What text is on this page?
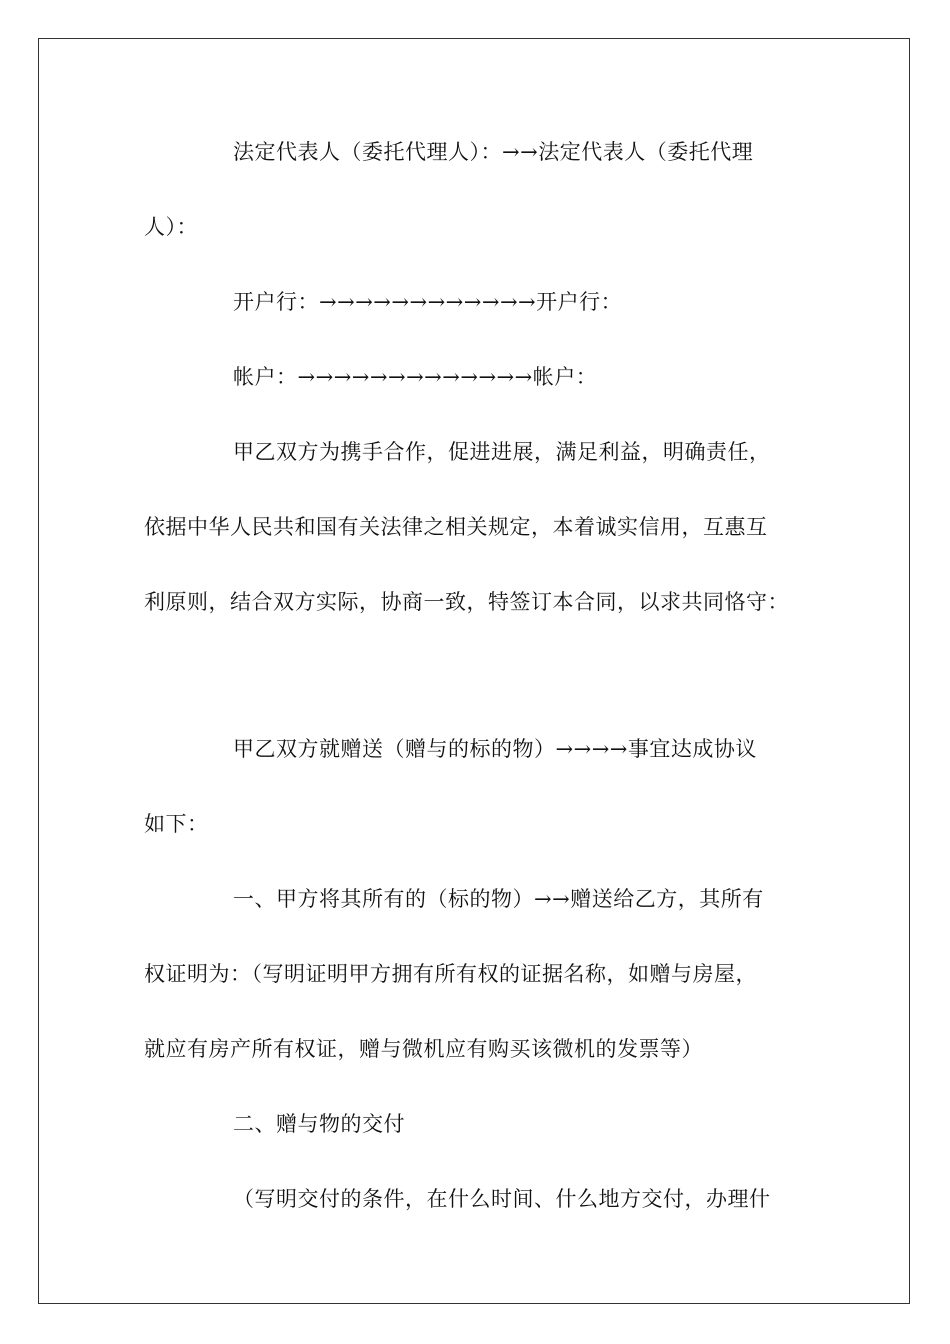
法定代表人（委托代理人）：→→法定代表人（委托代理
人）：
开户行：→→→→→→→→→→→→开户行：
帐户：→→→→→→→→→→→→→帐户：
甲乙双方为携手合作，促进进展，满足利益，明确责任，
依据中华人民共和国有关法律之相关规定，本着诚实信用，互惠互
利原则，结合双方实际，协商一致，特签订本合同，以求共同恪守：
甲乙双方就赠送（赠与的标的物）→→→→事宜达成协议
如下：
一、甲方将其所有的（标的物）→→赠送给乙方，其所有
权证明为：（写明证明甲方拥有所有权的证据名称，如赠与房屋，
就应有房产所有权证，赠与微机应有购买该微机的发票等）
二、赠与物的交付
（写明交付的条件，在什么时间、什么地方交付，办理什
